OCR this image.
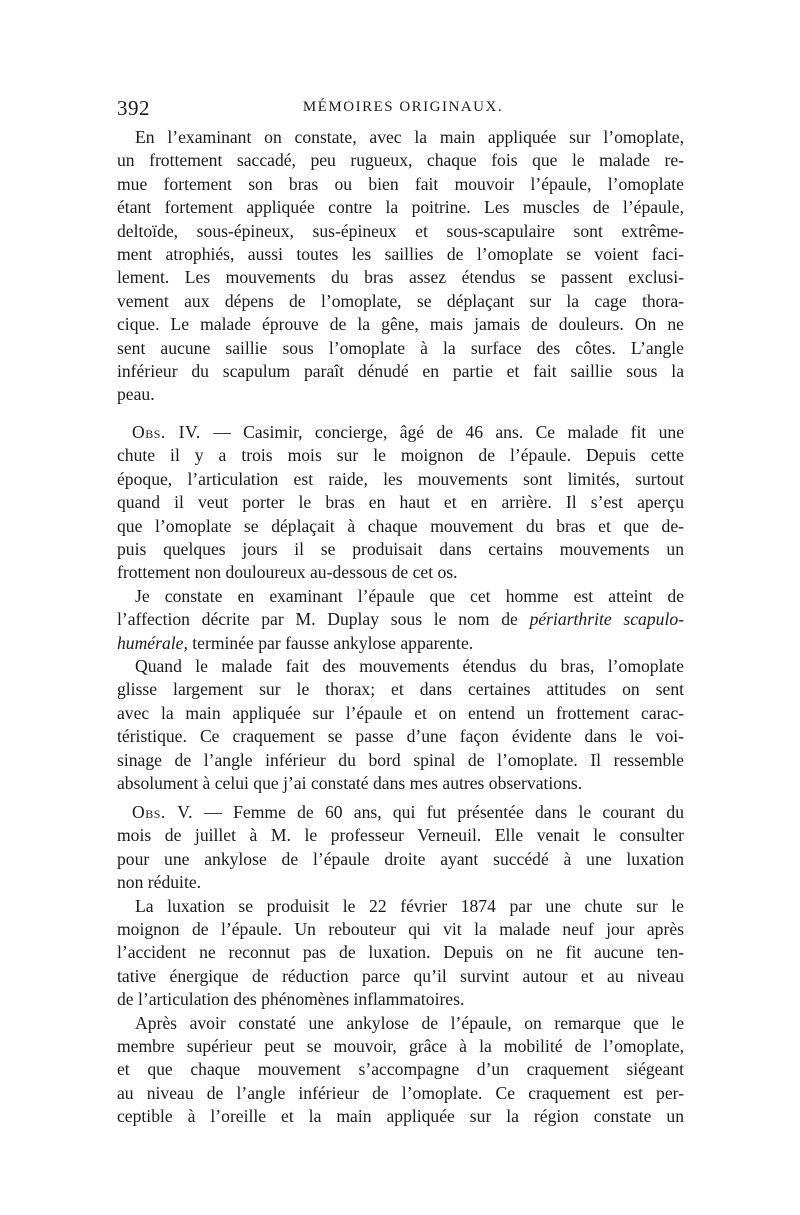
392	MÉMOIRES ORIGINAUX.
En l’examinant on constate, avec la main appliquée sur l’omoplate,
un frottement saccadé, peu rugueux, chaque fois que le malade re-
mue fortement son bras ou bien fait mouvoir l’épaule, l’omoplate
étant fortement appliquée contre la poitrine. Les muscles de l’épaule,
deltoïde, sous-épineux, sus-épineux et sous-scapulaire sont extrême-
ment atrophiés, aussi toutes les saillies de l’omoplate se voient faci-
lement. Les mouvements du bras assez étendus se passent exclusi-
vement aux dépens de l’omoplate, se déplaçant sur la cage thora-
cique. Le malade éprouve de la gêne, mais jamais de douleurs. On ne
sent aucune saillie sous l’omoplate à la surface des côtes. L’angle
inférieur du scapulum paraît dénudé en partie et fait saillie sous la
peau.
Obs. IV. — Casimir, concierge, âgé de 46 ans. Ce malade fit une
chute il y a trois mois sur le moignon de l’épaule. Depuis cette
époque, l’articulation est raide, les mouvements sont limités, surtout
quand il veut porter le bras en haut et en arrière. Il s’est aperçu
que l’omoplate se déplaçait à chaque mouvement du bras et que de-
puis quelques jours il se produisait dans certains mouvements un
frottement non douloureux au-dessous de cet os.
Je constate en examinant l’épaule que cet homme est atteint de
l’affection décrite par M. Duplay sous le nom de périarthrite scapulo-
humérale, terminée par fausse ankylose apparente.
Quand le malade fait des mouvements étendus du bras, l’omoplate
glisse largement sur le thorax; et dans certaines attitudes on sent
avec la main appliquée sur l’épaule et on entend un frottement carac-
téristique. Ce craquement se passe d’une façon évidente dans le voi-
sinage de l’angle inférieur du bord spinal de l’omoplate. Il ressemble
absolument à celui que j’ai constaté dans mes autres observations.
Obs. V. — Femme de 60 ans, qui fut présentée dans le courant du
mois de juillet à M. le professeur Verneuil. Elle venait le consulter
pour une ankylose de l’épaule droite ayant succédé à une luxation
non réduite.
La luxation se produisit le 22 février 1874 par une chute sur le
moignon de l’épaule. Un rebouteur qui vit la malade neuf jour après
l’accident ne reconnut pas de luxation. Depuis on ne fit aucune ten-
tative énergique de réduction parce qu’il survint autour et au niveau
de l’articulation des phénomènes inflammatoires.
Après avoir constaté une ankylose de l’épaule, on remarque que le
membre supérieur peut se mouvoir, grâce à la mobilité de l’omoplate,
et que chaque mouvement s’accompagne d’un craquement siégeant
au niveau de l’angle inférieur de l’omoplate. Ce craquement est per-
ceptible à l’oreille et la main appliquée sur la région constate un
